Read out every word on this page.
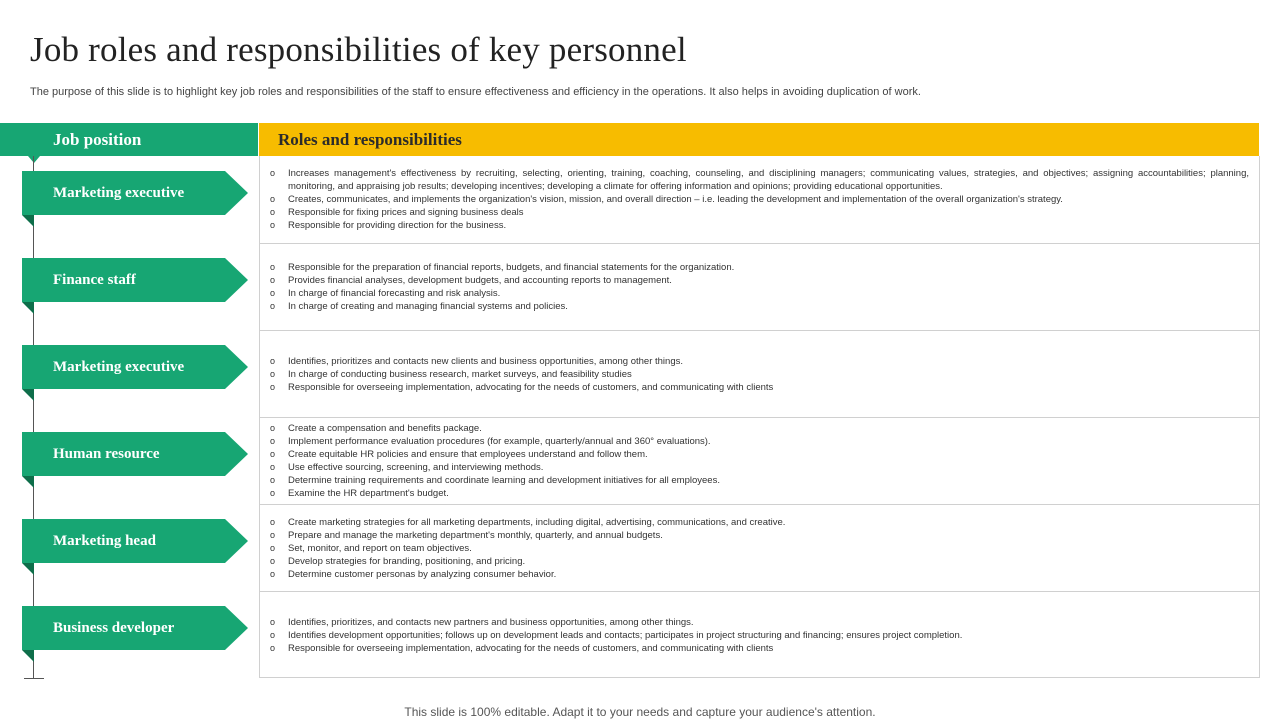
Job roles and responsibilities of key personnel

The purpose of this slide is to highlight key job roles and responsibilities of the staff to ensure effectiveness and efficiency in the operations. It also helps in avoiding duplication of work.

Job position	Roles and responsibilities
o Increases management's effectiveness by recruiting, selecting, orienting, training, coaching, counseling, and disciplining managers; communicating values, strategies, and objectives; assigning accountabilities; planning, monitoring, and appraising job results; developing incentives; developing a climate for offering information and opinions; providing educational opportunities.
o Creates, communicates, and implements the organization's vision, mission, and overall direction – i.e. leading the development and implementation of the overall organization's strategy.
o Responsible for fixing prices and signing business deals
o Responsible for providing direction for the business.
o Responsible for the preparation of financial reports, budgets, and financial statements for the organization.
o Provides financial analyses, development budgets, and accounting reports to management.
o In charge of financial forecasting and risk analysis.
o In charge of creating and managing financial systems and policies.
o Identifies, prioritizes and contacts new clients and business opportunities, among other things.
o In charge of conducting business research, market surveys, and feasibility studies
o Responsible for overseeing implementation, advocating for the needs of customers, and communicating with clients
o Create a compensation and benefits package.
o Implement performance evaluation procedures (for example, quarterly/annual and 360° evaluations).
o Create equitable HR policies and ensure that employees understand and follow them.
o Use effective sourcing, screening, and interviewing methods.
o Determine training requirements and coordinate learning and development initiatives for all employees.
o Examine the HR department's budget.
o Create marketing strategies for all marketing departments, including digital, advertising, communications, and creative.
o Prepare and manage the marketing department's monthly, quarterly, and annual budgets.
o Set, monitor, and report on team objectives.
o Develop strategies for branding, positioning, and pricing.
o Determine customer personas by analyzing consumer behavior.
o Identifies, prioritizes, and contacts new partners and business opportunities, among other things.
o Identifies development opportunities; follows up on development leads and contacts; participates in project structuring and financing; ensures project completion.
o Responsible for overseeing implementation, advocating for the needs of customers, and communicating with clients
Marketing executive
Finance staff
Marketing executive
Human resource
Marketing head
Business developer

This slide is 100% editable. Adapt it to your needs and capture your audience's attention.
